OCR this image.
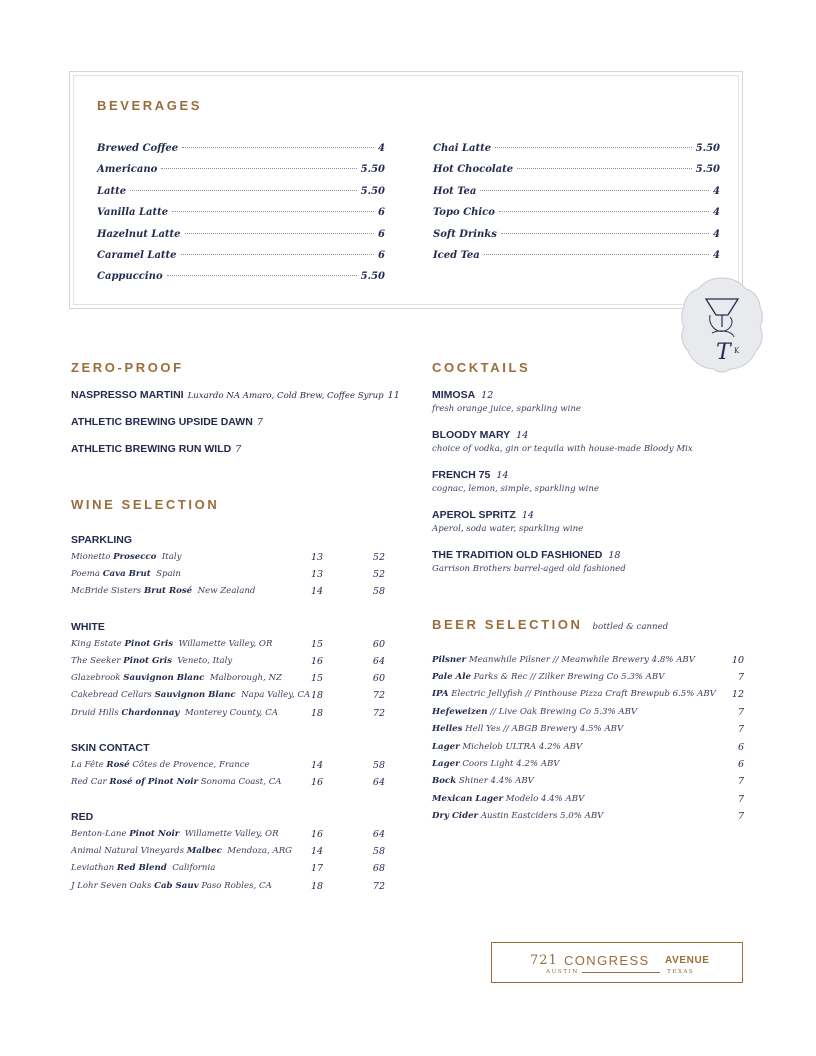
BEVERAGES
Brewed Coffee	4
Americano	5.50
Latte	5.50
Vanilla Latte	6
Hazelnut Latte	6
Caramel Latte	6
Cappuccino	5.50
Chai Latte	5.50
Hot Chocolate	5.50
Hot Tea	4
Topo Chico	4
Soft Drinks	4
Iced Tea	4
T K
ZERO-PROOF
NASPRESSO MARTINI Luxardo NA Amaro, Cold Brew, Coffee Syrup 11
ATHLETIC BREWING UPSIDE DAWN 7
ATHLETIC BREWING RUN WILD 7
WINE SELECTION
SPARKLING
Mionetto Prosecco Italy	13	52
Poema Cava Brut Spain	13	52
McBride Sisters Brut Rosé New Zealand	14	58
WHITE
King Estate Pinot Gris Willamette Valley, OR	15	60
The Seeker Pinot Gris Veneto, Italy	16	64
Glazebrook Sauvignon Blanc Malborough, NZ	15	60
Cakebread Cellars Sauvignon Blanc Napa Valley, CA 18	72
Druid Hills Chardonnay Monterey County, CA	18	72
SKIN CONTACT
La Fête Rosé Côtes de Provence, France	14	58
Red Car Rosé of Pinot Noir Sonoma Coast, CA	16	64
RED
Benton-Lane Pinot Noir Willamette Valley, OR	16	64
Animal Natural Vineyards Malbec Mendoza, ARG 14	58
Leviathan Red Blend California	17	68
J Lohr Seven Oaks Cab Sauv Paso Robles, CA	18	72
COCKTAILS
MIMOSA 12
fresh orange juice, sparkling wine
BLOODY MARY 14
choice of vodka, gin or tequila with house-made Bloody Mix
FRENCH 75 14
cognac, lemon, simple, sparkling wine
APEROL SPRITZ 14
Aperol, soda water, sparkling wine
THE TRADITION OLD FASHIONED 18
Garrison Brothers barrel-aged old fashioned
BEER SELECTION bottled & canned
Pilsner Meanwhile Pilsner // Meanwhile Brewery 4.8% ABV	10
Pale Ale Parks & Rec // Zilker Brewing Co 5.3% ABV	7
IPA Electric Jellyfish // Pinthouse Pizza Craft Brewpub 6.5% ABV 12
Hefeweizen // Live Oak Brewing Co 5.3% ABV	7
Helles Hell Yes // ABGB Brewery 4.5% ABV	7
Lager Michelob ULTRA 4.2% ABV	6
Lager Coors Light 4.2% ABV	6
Bock Shiner 4.4% ABV	7
Mexican Lager Modelo 4.4% ABV	7
Dry Cider Austin Eastciders 5.0% ABV	7
721 CONGRESS AVENUE
AUSTIN	TEXAS
